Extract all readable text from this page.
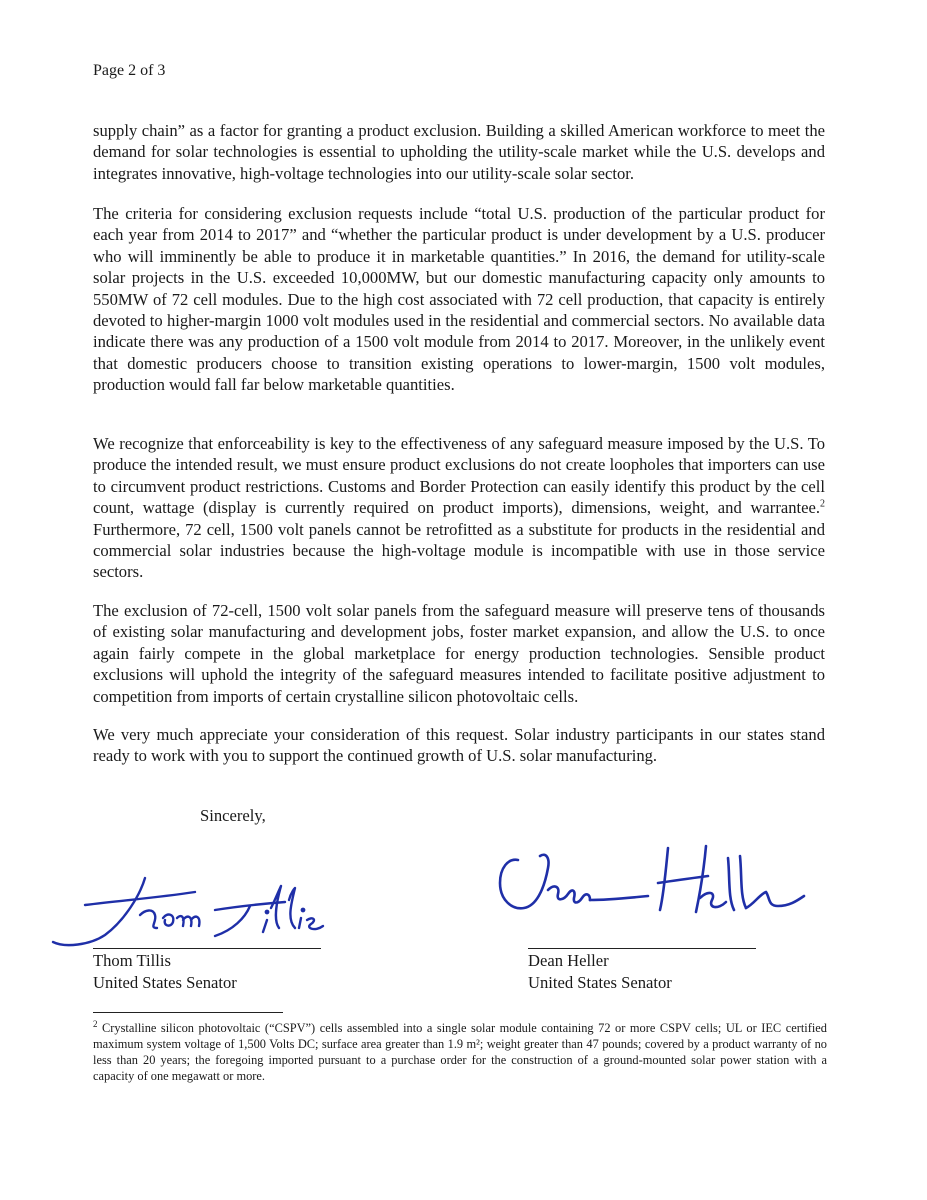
Page 2 of 3

supply chain” as a factor for granting a product exclusion. Building a skilled American workforce to meet the demand for solar technologies is essential to upholding the utility-scale market while the U.S. develops and integrates innovative, high-voltage technologies into our utility-scale solar sector.

The criteria for considering exclusion requests include “total U.S. production of the particular product for each year from 2014 to 2017” and “whether the particular product is under development by a U.S. producer who will imminently be able to produce it in marketable quantities.” In 2016, the demand for utility-scale solar projects in the U.S. exceeded 10,000MW, but our domestic manufacturing capacity only amounts to 550MW of 72 cell modules. Due to the high cost associated with 72 cell production, that capacity is entirely devoted to higher-margin 1000 volt modules used in the residential and commercial sectors. No available data indicate there was any production of a 1500 volt module from 2014 to 2017. Moreover, in the unlikely event that domestic producers choose to transition existing operations to lower-margin, 1500 volt modules, production would fall far below marketable quantities.

We recognize that enforceability is key to the effectiveness of any safeguard measure imposed by the U.S. To produce the intended result, we must ensure product exclusions do not create loopholes that importers can use to circumvent product restrictions. Customs and Border Protection can easily identify this product by the cell count, wattage (display is currently required on product imports), dimensions, weight, and warrantee.$^2$ Furthermore, 72 cell, 1500 volt panels cannot be retrofitted as a substitute for products in the residential and commercial solar industries because the high-voltage module is incompatible with use in those service sectors.

The exclusion of 72-cell, 1500 volt solar panels from the safeguard measure will preserve tens of thousands of existing solar manufacturing and development jobs, foster market expansion, and allow the U.S. to once again fairly compete in the global marketplace for energy production technologies. Sensible product exclusions will uphold the integrity of the safeguard measures intended to facilitate positive adjustment to competition from imports of certain crystalline silicon photovoltaic cells.

We very much appreciate your consideration of this request. Solar industry participants in our states stand ready to work with you to support the continued growth of U.S. solar manufacturing.

Sincerely,
Thom Tillis
United States Senator
Dean Heller
United States Senator

$^2$ Crystalline silicon photovoltaic (“CSPV”) cells assembled into a single solar module containing 72 or more CSPV cells; UL or IEC certified maximum system voltage of 1,500 Volts DC; surface area greater than 1.9 m²; weight greater than 47 pounds; covered by a product warranty of no less than 20 years; the foregoing imported pursuant to a purchase order for the construction of a ground-mounted solar power station with a capacity of one megawatt or more.
